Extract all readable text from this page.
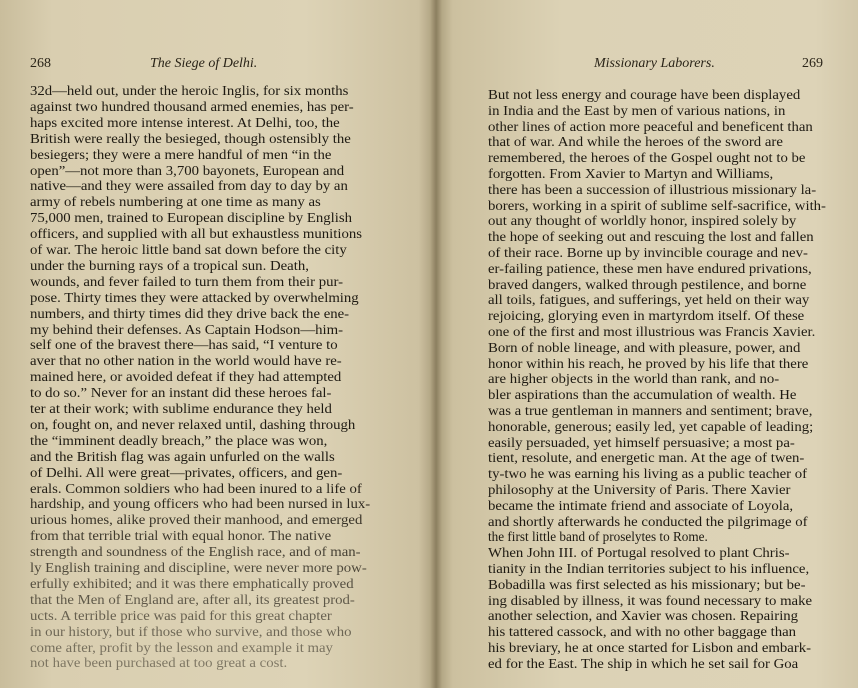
268	The Siege of Delhi.
32d—held out, under the heroic Inglis, for six months
against two hundred thousand armed enemies, has per-
haps excited more intense interest. At Delhi, too, the
British were really the besieged, though ostensibly the
besiegers; they were a mere handful of men “in the
open”—not more than 3,700 bayonets, European and
native—and they were assailed from day to day by an
army of rebels numbering at one time as many as
75,000 men, trained to European discipline by English
officers, and supplied with all but exhaustless munitions
of war. The heroic little band sat down before the city
under the burning rays of a tropical sun. Death,
wounds, and fever failed to turn them from their pur-
pose. Thirty times they were attacked by overwhelming
numbers, and thirty times did they drive back the ene-
my behind their defenses. As Captain Hodson—him-
self one of the bravest there—has said, “I venture to
aver that no other nation in the world would have re-
mained here, or avoided defeat if they had attempted
to do so.” Never for an instant did these heroes fal-
ter at their work; with sublime endurance they held
on, fought on, and never relaxed until, dashing through
the “imminent deadly breach,” the place was won,
and the British flag was again unfurled on the walls
of Delhi. All were great—privates, officers, and gen-
erals. Common soldiers who had been inured to a life of
hardship, and young officers who had been nursed in lux-
urious homes, alike proved their manhood, and emerged
from that terrible trial with equal honor. The native
strength and soundness of the English race, and of man-
ly English training and discipline, were never more pow-
erfully exhibited; and it was there emphatically proved
that the Men of England are, after all, its greatest prod-
ucts. A terrible price was paid for this great chapter
in our history, but if those who survive, and those who
come after, profit by the lesson and example it may
not have been purchased at too great a cost.
Missionary Laborers.	269
But not less energy and courage have been displayed
in India and the East by men of various nations, in
other lines of action more peaceful and beneficent than
that of war. And while the heroes of the sword are
remembered, the heroes of the Gospel ought not to be
forgotten. From Xavier to Martyn and Williams,
there has been a succession of illustrious missionary la-
borers, working in a spirit of sublime self-sacrifice, with-
out any thought of worldly honor, inspired solely by
the hope of seeking out and rescuing the lost and fallen
of their race. Borne up by invincible courage and nev-
er-failing patience, these men have endured privations,
braved dangers, walked through pestilence, and borne
all toils, fatigues, and sufferings, yet held on their way
rejoicing, glorying even in martyrdom itself. Of these
one of the first and most illustrious was Francis Xavier.
Born of noble lineage, and with pleasure, power, and
honor within his reach, he proved by his life that there
are higher objects in the world than rank, and no-
bler aspirations than the accumulation of wealth. He
was a true gentleman in manners and sentiment; brave,
honorable, generous; easily led, yet capable of leading;
easily persuaded, yet himself persuasive; a most pa-
tient, resolute, and energetic man. At the age of twen-
ty-two he was earning his living as a public teacher of
philosophy at the University of Paris. There Xavier
became the intimate friend and associate of Loyola,
and shortly afterwards he conducted the pilgrimage of
the first little band of proselytes to Rome.
When John III. of Portugal resolved to plant Chris-
tianity in the Indian territories subject to his influence,
Bobadilla was first selected as his missionary; but be-
ing disabled by illness, it was found necessary to make
another selection, and Xavier was chosen. Repairing
his tattered cassock, and with no other baggage than
his breviary, he at once started for Lisbon and embark-
ed for the East. The ship in which he set sail for Goa
